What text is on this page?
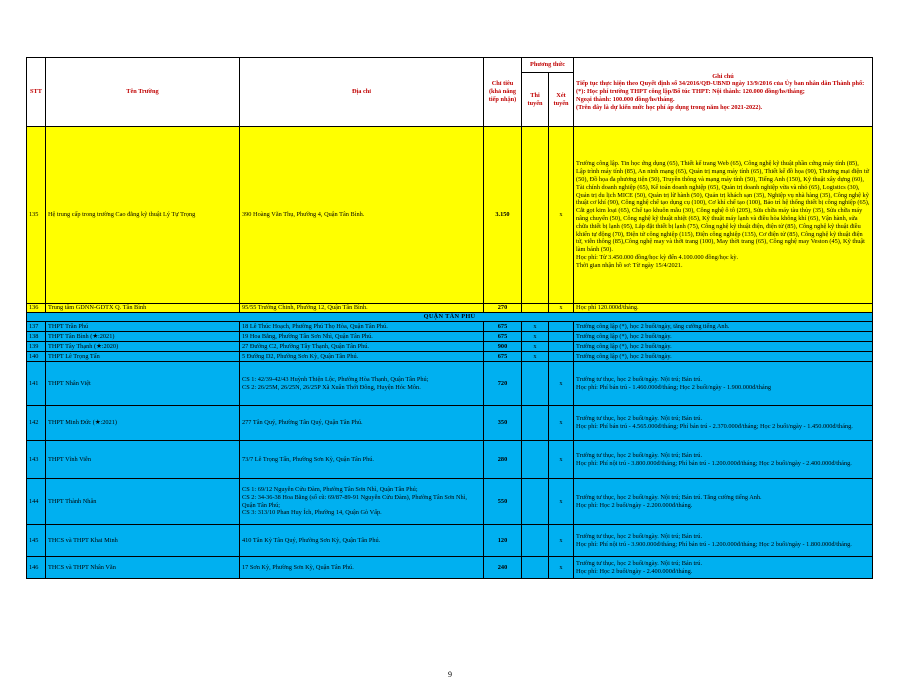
STT	Tên Trường	Địa chỉ	Chỉ tiêu (khả năng tiếp nhận)	Phương thức		Ghi chú
Tiếp tục thực hiện theo Quyết định số 34/2016/QĐ-UBND ngày 13/9/2016 của Ủy ban nhân dân Thành phố:
(*): Học phí trường THPT công lập/Bổ túc THPT: Nội thành: 120.000 đồng/hs/tháng;
Ngoại thành: 100.000 đồng/hs/tháng.
(Trên đây là dự kiến mức học phí áp dụng trong năm học 2021-2022).
				Thi tuyển	Xét tuyển	
135	Hệ trung cấp trong trường Cao đẳng kỹ thuật Lý Tự Trọng	390 Hoàng Văn Thụ, Phường 4, Quận Tân Bình.	3.150		x	Trường công lập. Tin học ứng dụng (65), Thiết kế trang Web (65), Công nghệ kỹ thuật phần cứng máy tính (85), Lập trình máy tính (85), An ninh mạng (65), Quản trị mạng máy tính (65), Thiết kế đồ họa (90), Thương mại điện tử (50), Đồ họa đa phương tiện (50), Truyền thông và mạng máy tính (50), Tiếng Anh (150), Kỹ thuật xây dựng (60), Tài chính doanh nghiệp (65), Kế toán doanh nghiệp (65), Quản trị doanh nghiệp vừa và nhỏ (65), Logistics (30), Quản trị du lịch MICE (50), Quản trị lữ hành (50), Quản trị khách sạn (35), Nghiệp vụ nhà hàng (35), Công nghệ kỹ thuật cơ khí (90), Công nghệ chế tạo dụng cụ (100), Cơ khí chế tạo (100), Bảo trì hệ thống thiết bị công nghiệp (65), Cắt gọt kim loại (65), Chế tạo khuôn mẫu (30), Công nghệ ô tô (205), Sửa chữa máy tàu thủy (35), Sửa chữa máy nâng chuyển (50), Công nghệ kỹ thuật nhiệt (65), Kỹ thuật máy lạnh và điều hòa không khí (65), Vận hành, sửa chữa thiết bị lạnh (95), Lắp đặt thiết bị lạnh (75), Công nghệ kỹ thuật điện, điện tử (85), Công nghệ kỹ thuật điều khiển tự động (70), Điện tử công nghiệp (115), Điện công nghiệp (135), Cơ điện tử (85), Công nghệ kỹ thuật điện tử, viễn thông (85),Công nghệ may và thời trang (100), May thời trang (65), Công nghệ may Veston (45), Kỹ thuật làm bánh (50).
Học phí: Từ 3.450.000 đồng/học kỳ đến 4.100.000 đồng/học kỳ.
Thời gian nhận hồ sơ: Từ ngày 15/4/2021.
136	Trung tâm GDNN-GDTX Q. Tân Bình	95/55 Trường Chinh, Phường 12, Quận Tân Bình.	270		x	Học phí 120.000đ/tháng.
QUẬN TÂN PHÚ						
137	THPT Trần Phú	18 Lê Thúc Hoạch, Phường Phú Thọ Hòa, Quận Tân Phú.	675	x		Trường công lập (*), học 2 buổi/ngày, tăng cường tiếng Anh.
138	THPT Tân Bình (★:2021)	19 Hoa Bằng, Phường Tân Sơn Nhì, Quận Tân Phú.	675	x		Trường công lập (*), học 2 buổi/ngày.
139	THPT Tây Thạnh (★:2020)	27 Đường C2, Phường Tây Thạnh, Quận Tân Phú.	900	x		Trường công lập (*), học 2 buổi/ngày.
140	THPT Lê Trọng Tấn	5 Đường D2, Phường Sơn Kỳ, Quận Tân Phú.	675	x		Trường công lập (*), học 2 buổi/ngày.
141	THPT Nhân Việt	CS 1: 42/39-42/43 Huỳnh Thiện Lộc, Phường Hòa Thạnh, Quận Tân Phú;
CS 2: 26/25M, 26/25N, 26/25P Xã Xuân Thới Đông, Huyện Hóc Môn.	720		x	Trường tư thục, học 2 buổi/ngày. Nội trú; Bán trú.
Học phí: Phí bán trú - 1.460.000đ/tháng; Học 2 buổi/ngày - 1.900.000đ/tháng
142	THPT Minh Đức (★:2021)	277 Tân Quý, Phường Tân Quý, Quận Tân Phú.	350		x	Trường tư thục, học 2 buổi/ngày. Nội trú; Bán trú.
Học phí: Phí bán trú - 4.565.000đ/tháng; Phí bán trú - 2.370.000đ/tháng; Học 2 buổi/ngày - 1.450.000đ/tháng.
143	THPT Vĩnh Viễn	73/7 Lê Trọng Tấn, Phường Sơn Kỳ, Quận Tân Phú.	280		x	Trường tư thục, học 2 buổi/ngày. Nội trú; Bán trú.
Học phí: Phí nội trú - 3.800.000đ/tháng; Phí bán trú - 1.200.000đ/tháng; Học 2 buổi/ngày - 2.400.000đ/tháng.
144	THPT Thành Nhân	CS 1: 69/12 Nguyễn Cửu Đàm, Phường Tân Sơn Nhì, Quận Tân Phú;
CS 2: 34-36-38 Hoa Bằng (số cũ: 69/87-89-91 Nguyễn Cửu Đàm), Phường Tân Sơn Nhì, Quận Tân Phú;
CS 3: 313/10 Phan Huy Ích, Phường 14, Quận Gò Vấp.	550		x	Trường tư thục, học 2 buổi/ngày. Nội trú; Bán trú. Tăng cường tiếng Anh.
Học phí: Học 2 buổi/ngày - 2.200.000đ/tháng.
145	THCS và THPT Khai Minh	410 Tân Kỳ Tân Quý, Phường Sơn Kỳ, Quận Tân Phú.	120		x	Trường tư thục, học 2 buổi/ngày. Nội trú; Bán trú.
Học phí: Phí nội trú - 3.900.000đ/tháng; Phí bán trú - 1.200.000đ/tháng; Học 2 buổi/ngày - 1.800.000đ/tháng.
146	THCS và THPT Nhân Văn	17 Sơn Kỳ, Phường Sơn Kỳ, Quận Tân Phú.	240		x	Trường tư thục, học 2 buổi/ngày. Nội trú; Bán trú.
Học phí: Học 2 buổi/ngày - 2.400.000đ/tháng.
9
